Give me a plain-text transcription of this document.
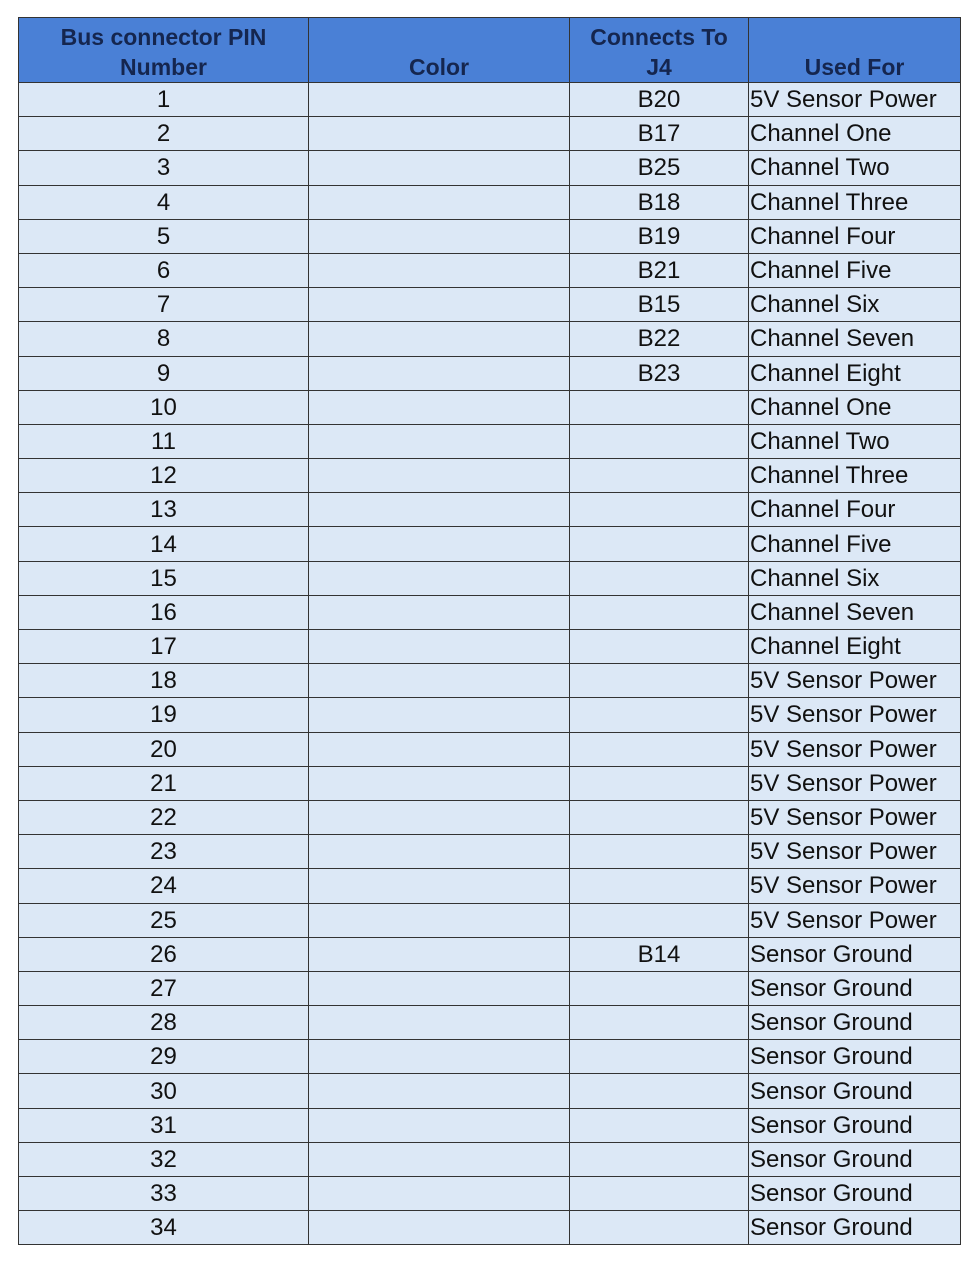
Bus connector PIN Number	Color	Connects To J4	Used For
1		B20	5V Sensor Power
2		B17	Channel One
3		B25	Channel Two
4		B18	Channel Three
5		B19	Channel Four
6		B21	Channel Five
7		B15	Channel Six
8		B22	Channel Seven
9		B23	Channel Eight
10			Channel One
11			Channel Two
12			Channel Three
13			Channel Four
14			Channel Five
15			Channel Six
16			Channel Seven
17			Channel Eight
18			5V Sensor Power
19			5V Sensor Power
20			5V Sensor Power
21			5V Sensor Power
22			5V Sensor Power
23			5V Sensor Power
24			5V Sensor Power
25			5V Sensor Power
26		B14	Sensor Ground
27			Sensor Ground
28			Sensor Ground
29			Sensor Ground
30			Sensor Ground
31			Sensor Ground
32			Sensor Ground
33			Sensor Ground
34			Sensor Ground
